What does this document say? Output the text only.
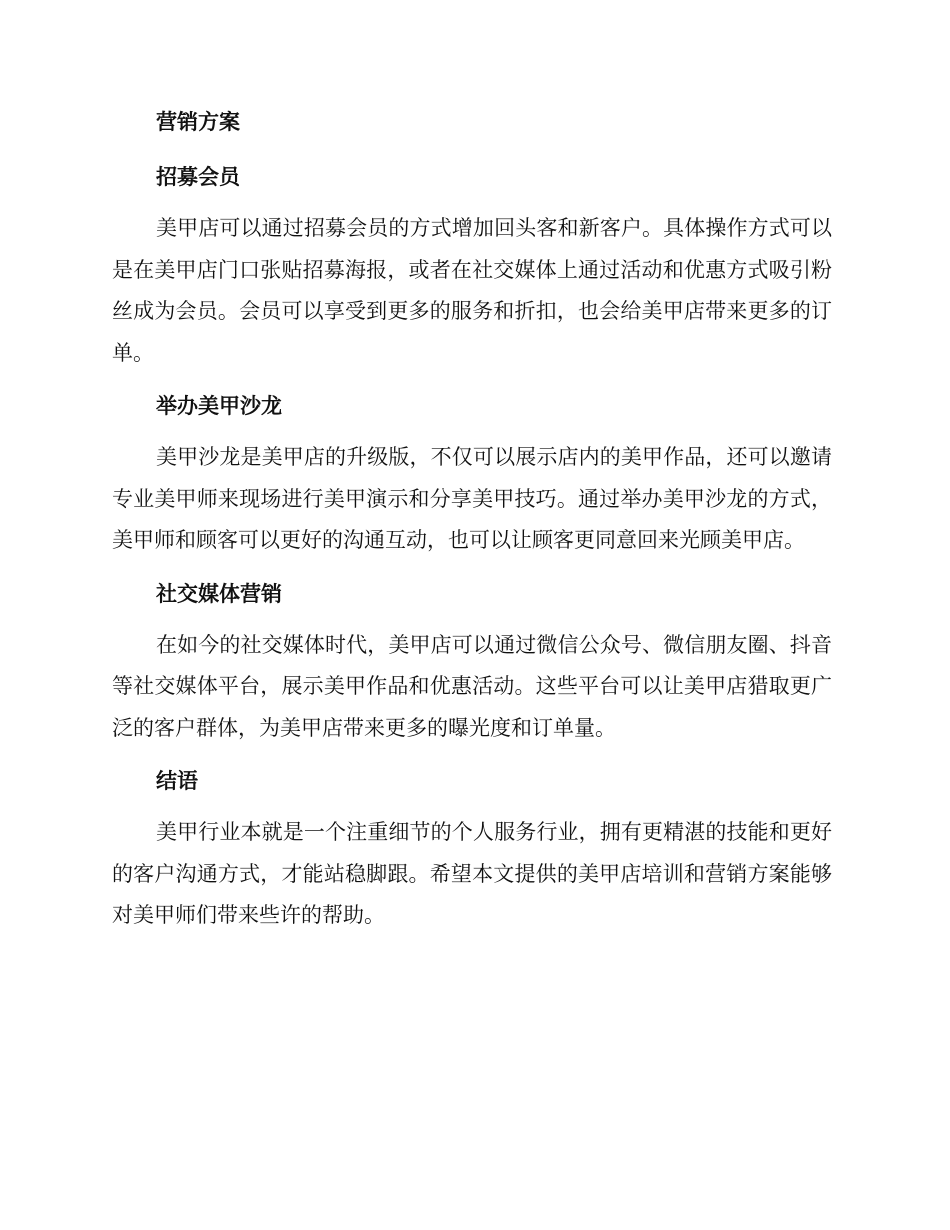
营销方案
招募会员

美甲店可以通过招募会员的方式增加回头客和新客户。具体操作方式可以是在美甲店门口张贴招募海报，或者在社交媒体上通过活动和优惠方式吸引粉丝成为会员。会员可以享受到更多的服务和折扣，也会给美甲店带来更多的订单。

举办美甲沙龙

美甲沙龙是美甲店的升级版，不仅可以展示店内的美甲作品，还可以邀请专业美甲师来现场进行美甲演示和分享美甲技巧。通过举办美甲沙龙的方式，美甲师和顾客可以更好的沟通互动，也可以让顾客更同意回来光顾美甲店。

社交媒体营销

在如今的社交媒体时代，美甲店可以通过微信公众号、微信朋友圈、抖音等社交媒体平台，展示美甲作品和优惠活动。这些平台可以让美甲店猎取更广泛的客户群体，为美甲店带来更多的曝光度和订单量。

结语

美甲行业本就是一个注重细节的个人服务行业，拥有更精湛的技能和更好的客户沟通方式，才能站稳脚跟。希望本文提供的美甲店培训和营销方案能够对美甲师们带来些许的帮助。
